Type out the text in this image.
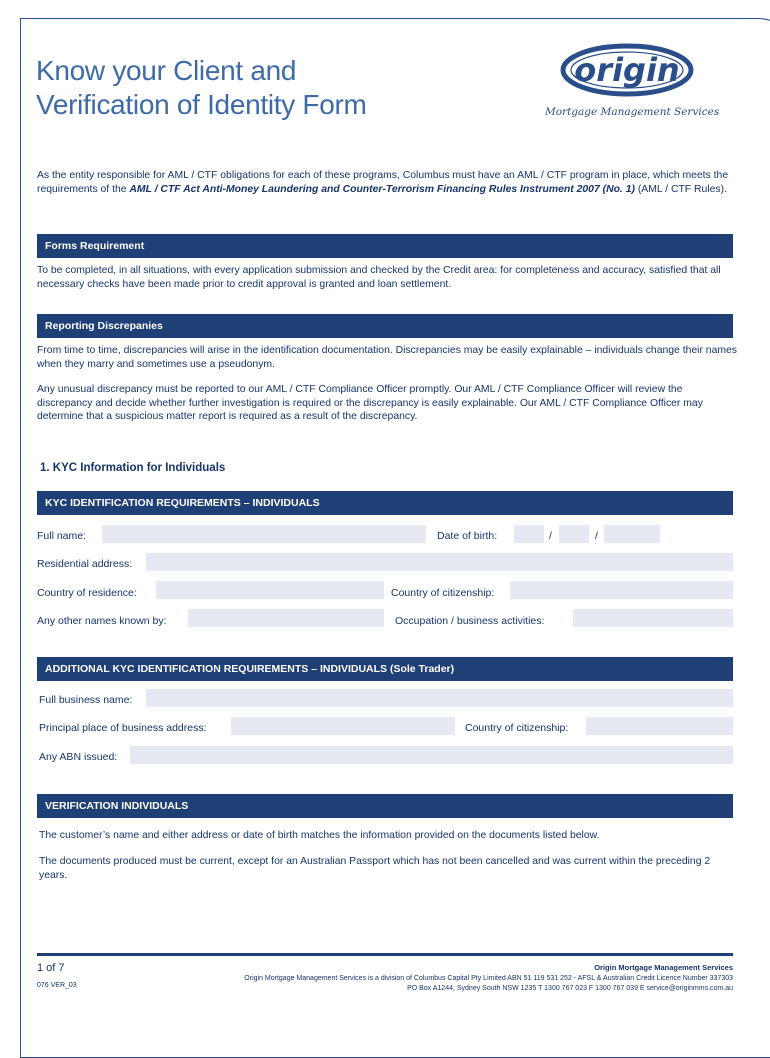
Know your Client and
Verification of Identity Form
origin
Mortgage Management Services
As the entity responsible for AML / CTF obligations for each of these programs, Columbus must have an AML / CTF program in place, which meets the requirements of the AML / CTF Act Anti-Money Laundering and Counter-Terrorism Financing Rules Instrument 2007 (No. 1) (AML / CTF Rules).
Forms Requirement
To be completed, in all situations, with every application submission and checked by the Credit area: for completeness and accuracy, satisfied that all necessary checks have been made prior to credit approval is granted and loan settlement.
Reporting Discrepanies
From time to time, discrepancies will arise in the identification documentation. Discrepancies may be easily explainable – individuals change their names when they marry and sometimes use a pseudonym.
Any unusual discrepancy must be reported to our AML / CTF Compliance Officer promptly. Our AML / CTF Compliance Officer will review the discrepancy and decide whether further investigation is required or the discrepancy is easily explainable. Our AML / CTF Compliance Officer may determine that a suspicious matter report is required as a result of the discrepancy.
1. KYC Information for Individuals
KYC IDENTIFICATION REQUIREMENTS – INDIVIDUALS
Full name:	Date of birth:	/	/
Residential address:
Country of residence:	Country of citizenship:
Any other names known by:	Occupation / business activities:
ADDITIONAL KYC IDENTIFICATION REQUIREMENTS – INDIVIDUALS (Sole Trader)
Full business name:
Principal place of business address:	Country of citizenship:
Any ABN issued:
VERIFICATION INDIVIDUALS
The customer’s name and either address or date of birth matches the information provided on the documents listed below.
The documents produced must be current, except for an Australian Passport which has not been cancelled and was current within the preceding 2 years.
1 of 7
076 VER_03
Origin Mortgage Management Services
Origin Mortgage Management Services is a division of Columbus Capital Pty Limited ABN 51 119 531 252 - AFSL & Australian Credit Licence Number 337303
PO Box A1244, Sydney South NSW 1235 T 1300 767 023 F 1300 767 039 E service@originmms.com.au
